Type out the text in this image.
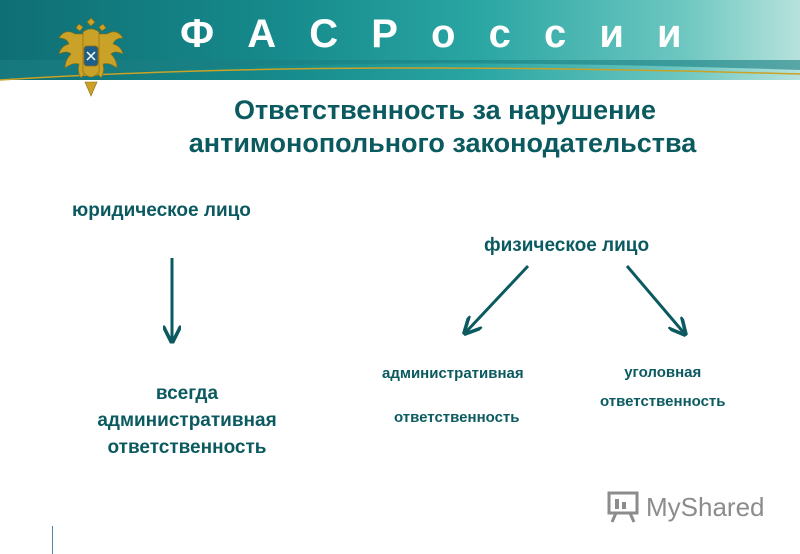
Ф А С Р о с с и и
Ответственность за нарушение
антимонопольного законодательства
юридическое лицо
физическое лицо
всегда
административная
ответственность
административная
ответственность
уголовная
ответственность
MyShared
